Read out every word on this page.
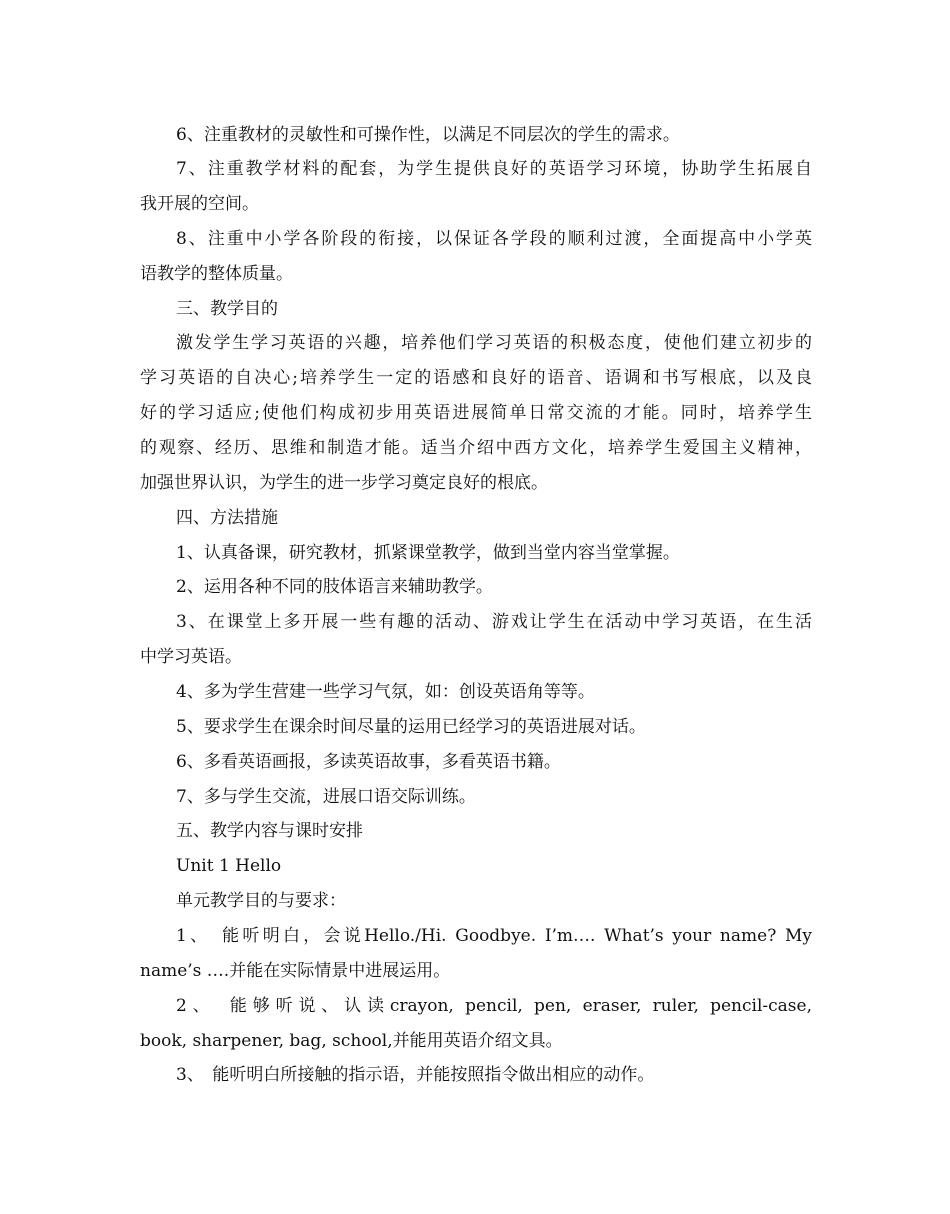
6、注重教材的灵敏性和可操作性，以满足不同层次的学生的需求。
7、注重教学材料的配套，为学生提供良好的英语学习环境，协助学生拓展自
我开展的空间。
8、注重中小学各阶段的衔接，以保证各学段的顺利过渡，全面提高中小学英
语教学的整体质量。
三、教学目的
激发学生学习英语的兴趣，培养他们学习英语的积极态度，使他们建立初步的
学习英语的自决心;培养学生一定的语感和良好的语音、语调和书写根底，以及良
好的学习适应;使他们构成初步用英语进展简单日常交流的才能。同时，培养学生
的观察、经历、思维和制造才能。适当介绍中西方文化，培养学生爱国主义精神，
加强世界认识，为学生的进一步学习奠定良好的根底。
四、方法措施
1、认真备课，研究教材，抓紧课堂教学，做到当堂内容当堂掌握。
2、运用各种不同的肢体语言来辅助教学。
3、在课堂上多开展一些有趣的活动、游戏让学生在活动中学习英语，在生活
中学习英语。
4、多为学生营建一些学习气氛，如：创设英语角等等。
5、要求学生在课余时间尽量的运用已经学习的英语进展对话。
6、多看英语画报，多读英语故事，多看英语书籍。
7、多与学生交流，进展口语交际训练。
五、教学内容与课时安排
Unit 1 Hello
单元教学目的与要求：
1、　能听明白，会说Hello./Hi. Goodbye. I’m…. What’s your name? My
name’s ….并能在实际情景中进展运用。
2、　能够听说、认读crayon, pencil, pen, eraser, ruler, pencil-case,
book, sharpener, bag, school,并能用英语介绍文具。
3、　能听明白所接触的指示语，并能按照指令做出相应的动作。
